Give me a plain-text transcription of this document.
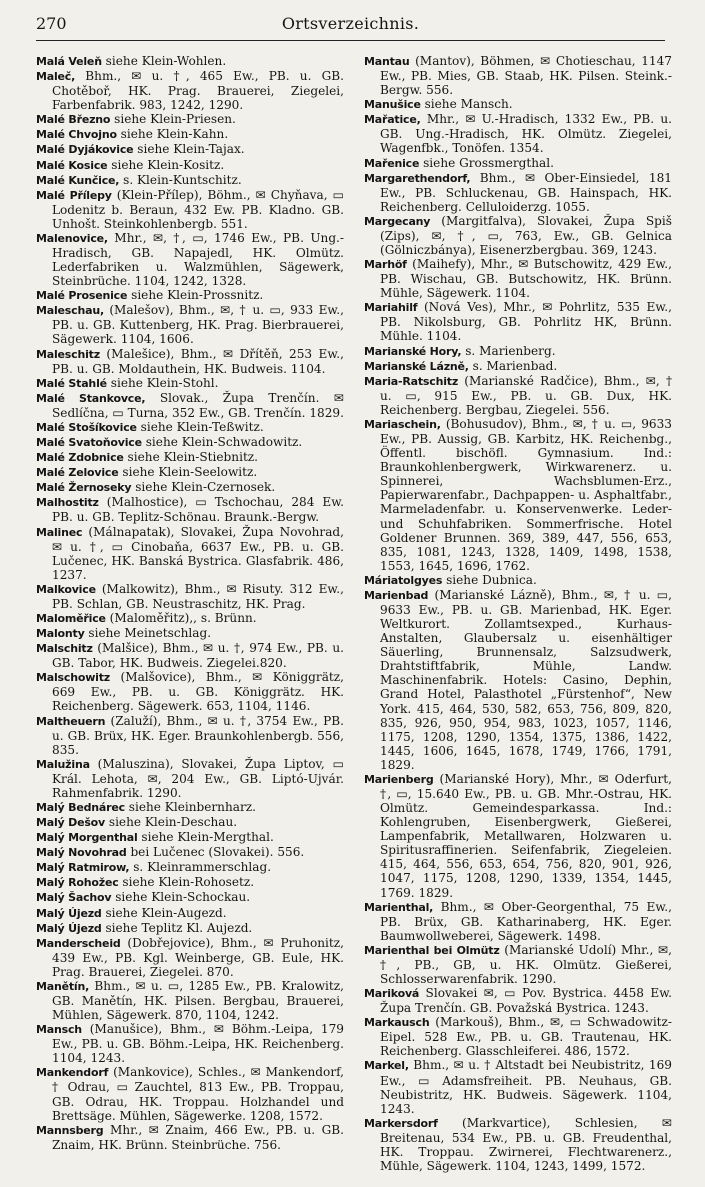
270	Ortsverzeichnis.

Malá Veleň siehe Klein-Wohlen.

Maleč, Bhm., ✉ u. †, 465 Ew., PB. u. GB. Chotěboř, HK. Prag. Brauerei, Ziegelei, Farbenfabrik. 983, 1242, 1290.

Malé Březno siehe Klein-Priesen.

Malé Chvojno siehe Klein-Kahn.

Malé Dyjákovice siehe Klein-Tajax.

Malé Kosice siehe Klein-Kositz.

Malé Kunčice, s. Klein-Kuntschitz.

Malé Přílepy (Klein-Přílep), Böhm., ✉ Chyňava, ▭ Lodenitz b. Beraun, 432 Ew. PB. Kladno. GB. Unhošt. Steinkohlenbergb. 551.

Malenovice, Mhr., ✉, †, ▭, 1746 Ew., PB. Ung.-Hradisch, GB. Napajedl, HK. Olmütz. Lederfabriken u. Walzmühlen, Sägewerk, Steinbrüche. 1104, 1242, 1328.

Malé Prosenice siehe Klein-Prossnitz.

Maleschau, (Malešov), Bhm., ✉, † u. ▭, 933 Ew., PB. u. GB. Kuttenberg, HK. Prag. Bierbrauerei, Sägewerk. 1104, 1606.

Maleschitz (Malešice), Bhm., ✉ Dřítěň, 253 Ew., PB. u. GB. Moldauthein, HK. Budweis. 1104.

Malé Stahlé siehe Klein-Stohl.

Malé Stankovce, Slovak., Župa Trenčín. ✉ Sedlíčna, ▭ Turna, 352 Ew., GB. Trenčín. 1829.

Malé Stošíkovice siehe Klein-Teßwitz.

Malé Svatoňovice siehe Klein-Schwadowitz.

Malé Zdobnice siehe Klein-Stiebnitz.

Malé Zelovice siehe Klein-Seelowitz.

Malé Žernoseky siehe Klein-Czernosek.

Malhostitz (Malhostice), ▭ Tschochau, 284 Ew. PB. u. GB. Teplitz-Schönau. Braunk.-Bergw.

Malinec (Málnapatak), Slovakei, Župa Novohrad, ✉ u. †, ▭ Cinobaňa, 6637 Ew., PB. u. GB. Lučenec, HK. Banská Bystrica. Glasfabrik. 486, 1237.

Malkovice (Malkowitz), Bhm., ✉ Risuty. 312 Ew., PB. Schlan, GB. Neustraschitz, HK. Prag.

Maloměřice (Maloměřitz),, s. Brünn.

Malonty siehe Meinetschlag.

Malschitz (Malšice), Bhm., ✉ u. †, 974 Ew., PB. u. GB. Tabor, HK. Budweis. Ziegelei.820.

Malschowitz (Malšovice), Bhm., ✉ Königgrätz, 669 Ew., PB. u. GB. Königgrätz. HK. Reichenberg. Sägewerk. 653, 1104, 1146.

Maltheuern (Zaluží), Bhm., ✉ u. †, 3754 Ew., PB. u. GB. Brüx, HK. Eger. Braunkohlenbergb. 556, 835.

Malužina (Maluszina), Slovakei, Župa Liptov, ▭ Král. Lehota, ✉, 204 Ew., GB. Liptó-Ujvár. Rahmenfabrik. 1290.

Malý Bednárec siehe Kleinbernharz.

Malý Dešov siehe Klein-Deschau.

Malý Morgenthal siehe Klein-Mergthal.

Malý Novohrad bei Lučenec (Slovakei). 556.

Malý Ratmirow, s. Kleinrammerschlag.

Malý Rohožec siehe Klein-Rohosetz.

Malý Šachov siehe Klein-Schockau.

Malý Újezd siehe Klein-Augezd.

Malý Újezd siehe Teplitz Kl. Aujezd.

Manderscheid (Dobřejovice), Bhm., ✉ Pruhonitz, 439 Ew., PB. Kgl. Weinberge, GB. Eule, HK. Prag. Brauerei, Ziegelei. 870.

Manětín, Bhm., ✉ u. ▭, 1285 Ew., PB. Kralowitz, GB. Manětín, HK. Pilsen. Bergbau, Brauerei, Mühlen, Sägewerk. 870, 1104, 1242.

Mansch (Manušice), Bhm., ✉ Böhm.-Leipa, 179 Ew., PB. u. GB. Böhm.-Leipa, HK. Reichenberg. 1104, 1243.

Mankendorf (Mankovice), Schles., ✉ Mankendorf, † Odrau, ▭ Zauchtel, 813 Ew., PB. Troppau, GB. Odrau, HK. Troppau. Holzhandel und Brettsäge. Mühlen, Sägewerke. 1208, 1572.

Mannsberg Mhr., ✉ Znaim, 466 Ew., PB. u. GB. Znaim, HK. Brünn. Steinbrüche. 756.

Mantau (Mantov), Böhmen, ✉ Chotieschau, 1147 Ew., PB. Mies, GB. Staab, HK. Pilsen. Steink.-Bergw. 556.

Manušice siehe Mansch.

Mařatice, Mhr., ✉ U.-Hradisch, 1332 Ew., PB. u. GB. Ung.-Hradisch, HK. Olmütz. Ziegelei, Wagenfbk., Tonöfen. 1354.

Mařenice siehe Grossmergthal.

Margarethendorf, Bhm., ✉ Ober-Einsiedel, 181 Ew., PB. Schluckenau, GB. Hainspach, HK. Reichenberg. Celluloiderzg. 1055.

Margecany (Margitfalva), Slovakei, Župa Spiš (Zips), ✉, †, ▭, 763, Ew., GB. Gelnica (Gölniczbánya), Eisenerzbergbau. 369, 1243.

Marhöf (Maihefy), Mhr., ✉ Butschowitz, 429 Ew., PB. Wischau, GB. Butschowitz, HK. Brünn. Mühle, Sägewerk. 1104.

Mariahilf (Nová Ves), Mhr., ✉ Pohrlitz, 535 Ew., PB. Nikolsburg, GB. Pohrlitz HK, Brünn. Mühle. 1104.

Marianské Hory, s. Marienberg.

Marianské Lázně, s. Marienbad.

Maria-Ratschitz (Marianské Radčice), Bhm., ✉, † u. ▭, 915 Ew., PB. u. GB. Dux, HK. Reichenberg. Bergbau, Ziegelei. 556.

Mariaschein, (Bohusudov), Bhm., ✉, † u. ▭, 9633 Ew., PB. Aussig, GB. Karbitz, HK. Reichenbg., Öffentl. bischöfl. Gymnasium. Ind.: Braunkohlenbergwerk, Wirkwarenerz. u. Spinnerei, Wachsblumen-Erz., Papierwarenfabr., Dachpappen- u. Asphaltfabr., Marmeladenfabr. u. Konservenwerke. Leder- und Schuhfabriken. Sommerfrische. Hotel Goldener Brunnen. 369, 389, 447, 556, 653, 835, 1081, 1243, 1328, 1409, 1498, 1538, 1553, 1645, 1696, 1762.

Máriatolgyes siehe Dubnica.

Marienbad (Marianské Lázně), Bhm., ✉, † u. ▭, 9633 Ew., PB. u. GB. Marienbad, HK. Eger. Weltkurort. Zollamtsexped., Kurhaus-Anstalten, Glaubersalz u. eisenhältiger Säuerling, Brunnensalz, Salzsudwerk, Drahtstiftfabrik, Mühle, Landw. Maschinenfabrik. Hotels: Casino, Dephin, Grand Hotel, Palasthotel „Fürstenhof“, New York. 415, 464, 530, 582, 653, 756, 809, 820, 835, 926, 950, 954, 983, 1023, 1057, 1146, 1175, 1208, 1290, 1354, 1375, 1386, 1422, 1445, 1606, 1645, 1678, 1749, 1766, 1791, 1829.

Marienberg (Marianské Hory), Mhr., ✉ Oderfurt, †, ▭, 15.640 Ew., PB. u. GB. Mhr.-Ostrau, HK. Olmütz. Gemeindesparkassa. Ind.: Kohlengruben, Eisenbergwerk, Gießerei, Lampenfabrik, Metallwaren, Holzwaren u. Spiritusraffinerien. Seifenfabrik, Ziegeleien. 415, 464, 556, 653, 654, 756, 820, 901, 926, 1047, 1175, 1208, 1290, 1339, 1354, 1445, 1769. 1829.

Marienthal, Bhm., ✉ Ober-Georgenthal, 75 Ew., PB. Brüx, GB. Katharinaberg, HK. Eger. Baumwollweberei, Sägewerk. 1498.

Marienthal bei Olmütz (Marianské Udolí) Mhr., ✉, †, PB., GB, u. HK. Olmütz. Gießerei, Schlosserwarenfabrik. 1290.

Mariková Slovakei ✉, ▭ Pov. Bystrica. 4458 Ew. Župa Trenčín. GB. Považská Bystrica. 1243.

Markausch (Markouš), Bhm., ✉, ▭ Schwadowitz-Eipel. 528 Ew., PB. u. GB. Trautenau, HK. Reichenberg. Glasschleiferei. 486, 1572.

Markel, Bhm., ✉ u. † Altstadt bei Neubistritz, 169 Ew., ▭ Adamsfreiheit. PB. Neuhaus, GB. Neubistritz, HK. Budweis. Sägewerk. 1104, 1243.

Markersdorf (Markvartice), Schlesien, ✉ Breitenau, 534 Ew., PB. u. GB. Freudenthal, HK. Troppau. Zwirnerei, Flechtwarenerz., Mühle, Sägewerk. 1104, 1243, 1499, 1572.
